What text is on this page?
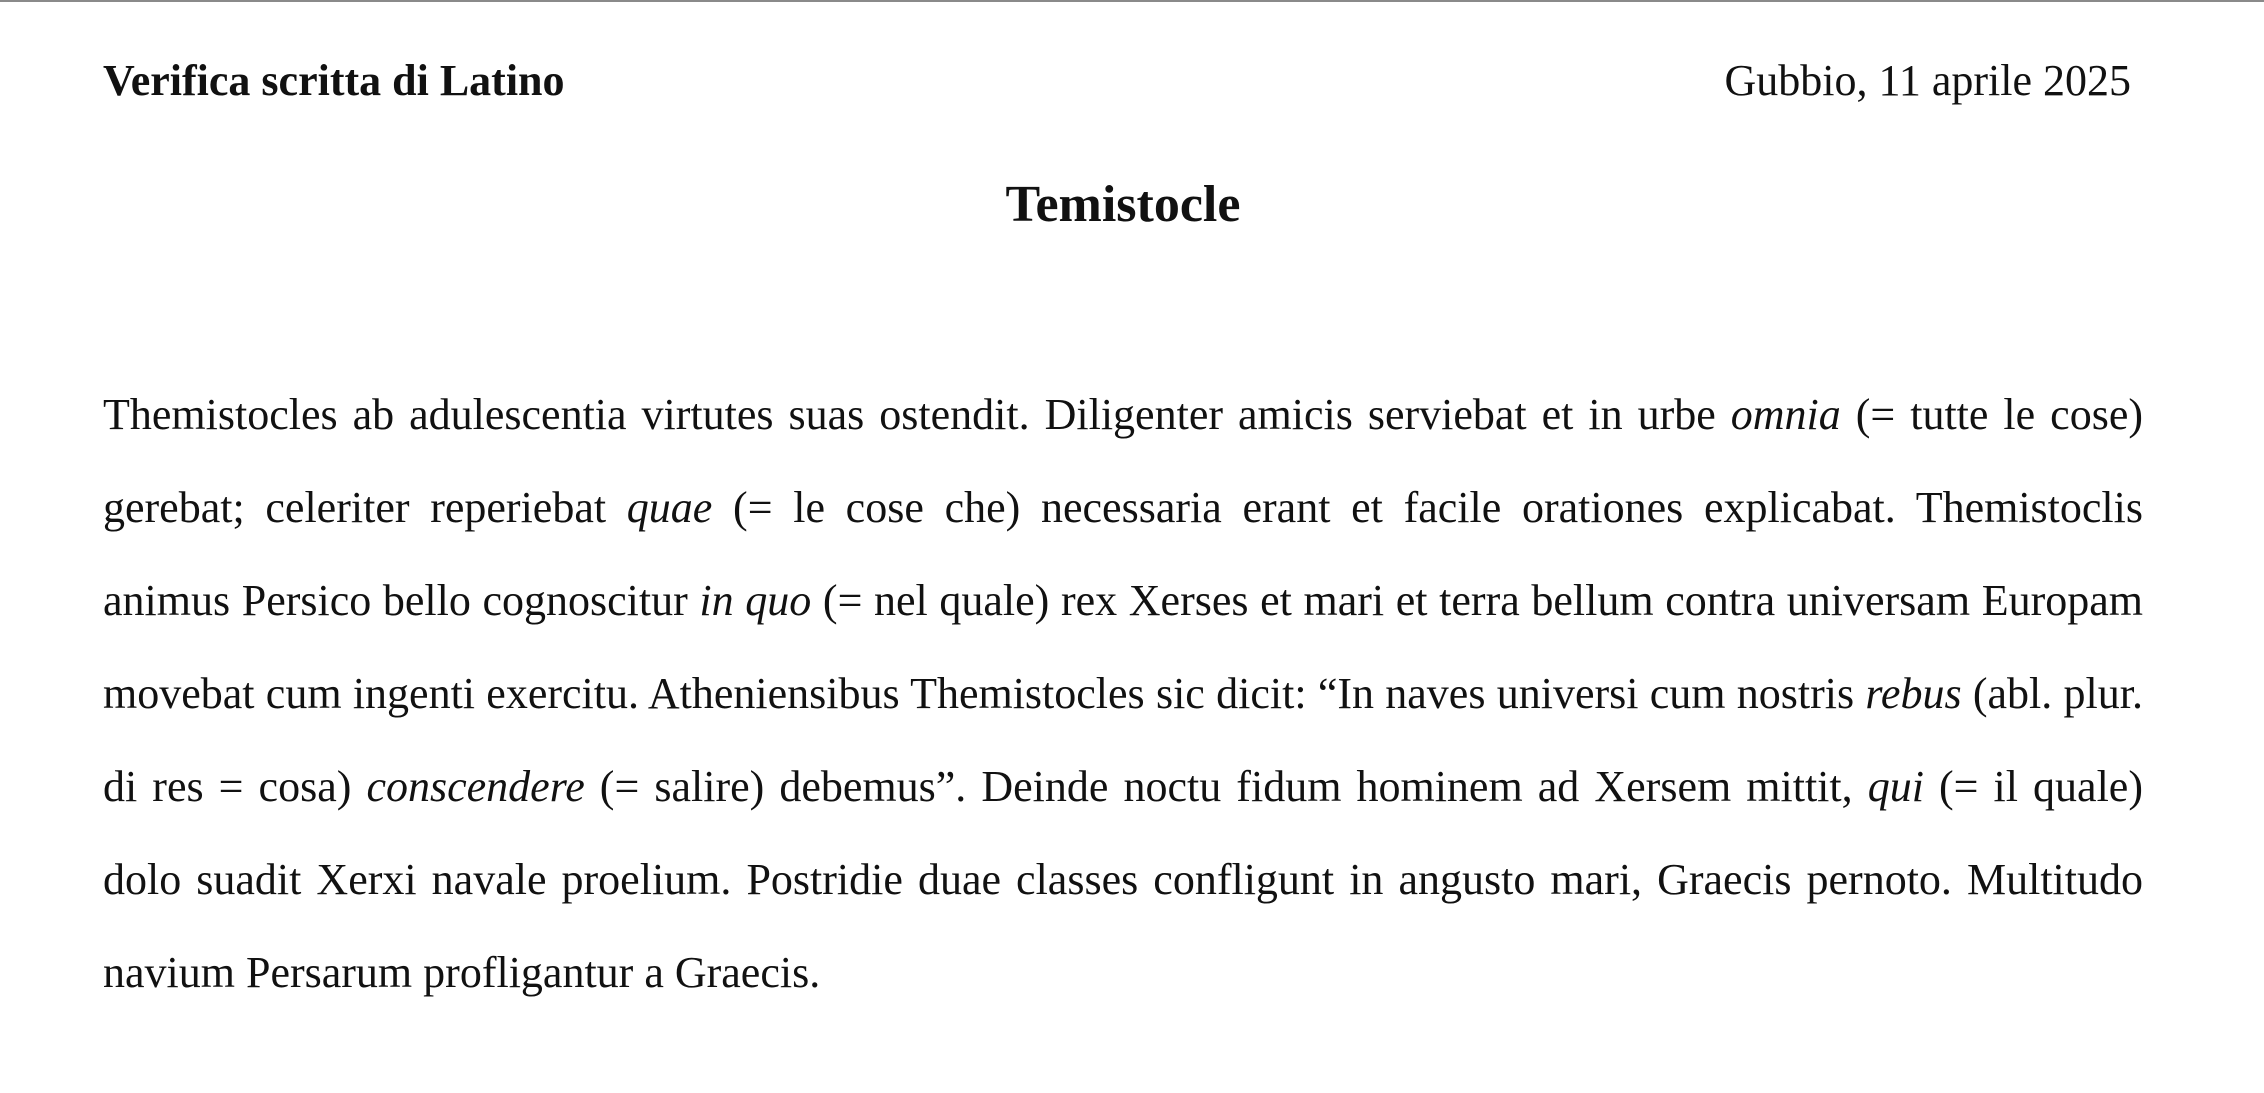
Verifica scritta di Latino	Gubbio, 11 aprile 2025
Temistocle

Themistocles ab adulescentia virtutes suas ostendit. Diligenter amicis serviebat et in urbe omnia (= tutte le cose) gerebat; celeriter reperiebat quae (= le cose che) necessaria erant et facile orationes explicabat. Themistoclis animus Persico bello cognoscitur in quo (= nel quale) rex Xerses et mari et terra bellum contra universam Europam movebat cum ingenti exercitu. Atheniensibus Themistocles sic dicit: “In naves universi cum nostris rebus (abl. plur. di res = cosa) conscendere (= salire) debemus”. Deinde noctu fidum hominem ad Xersem mittit, qui (= il quale) dolo suadit Xerxi navale proelium. Postridie duae classes confligunt in angusto mari, Graecis pernoto. Multitudo navium Persarum profligantur a Graecis.
